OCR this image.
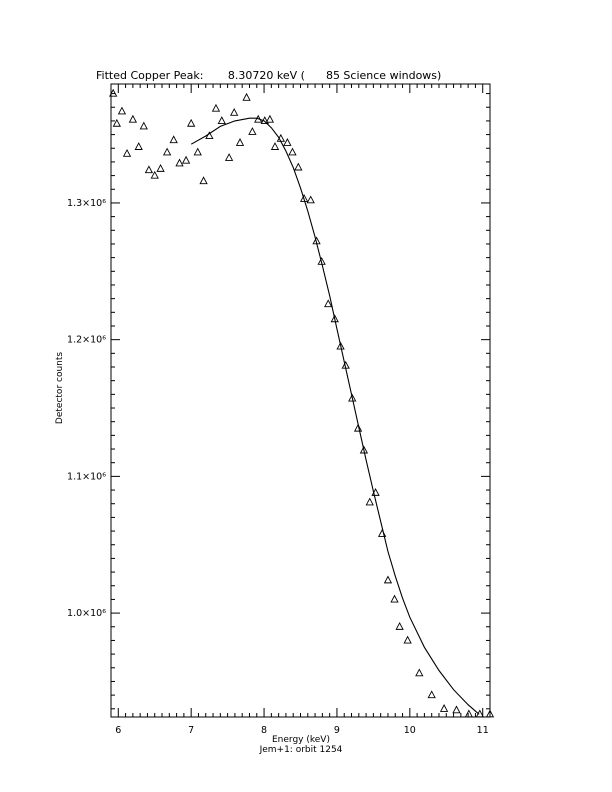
Fitted Copper Peak:       8.30720 keV (      85 Science windows)
6	7	8	9	10	11
1.0×10⁶
1.1×10⁶
1.2×10⁶
1.3×10⁶
Energy (keV)
Jem+1: orbit 1254
Detector counts
